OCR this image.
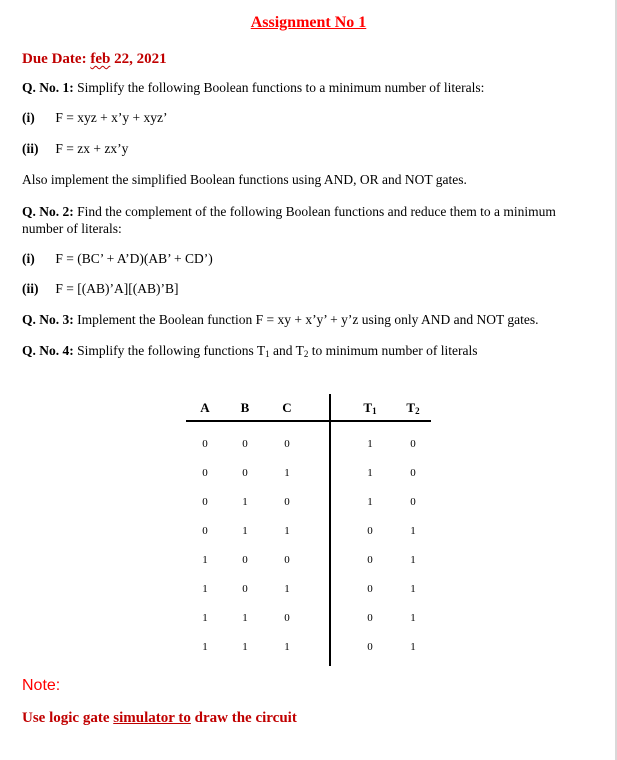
Assignment No 1
Due Date: feb 22, 2021
Q. No. 1: Simplify the following Boolean functions to a minimum number of literals:
(i) F = xyz + x’y + xyz’
(ii) F = zx + zx’y
Also implement the simplified Boolean functions using AND, OR and NOT gates.
Q. No. 2: Find the complement of the following Boolean functions and reduce them to a minimum number of literals:
(i) F = (BC’ + A’D)(AB’ + CD’)
(ii) F = [(AB)’A][(AB)’B]
Q. No. 3: Implement the Boolean function F = xy + x’y’ + y’z using only AND and NOT gates.
Q. No. 4: Simplify the following functions $T_1$ and $T_2$ to minimum number of literals
A B	C	$T_1$ $T_2$
0	0	0	1	0
0	0	1	1	0
0	1	0	1	0
0	1	1	0	1
1	0	0	0	1
1	0	1	0	1
1	1	0	0	1
1	1	1	0	1
Note:
Use logic gate simulator to draw the circuit
